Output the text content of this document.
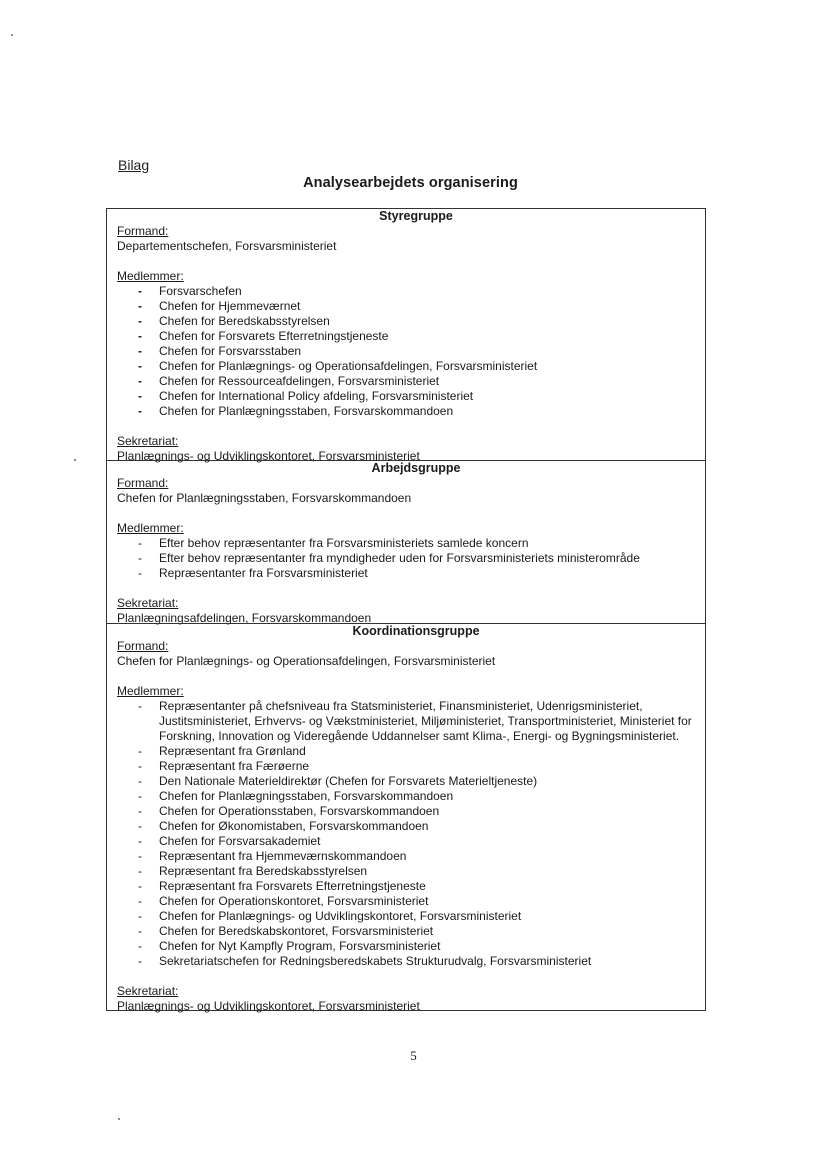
Bilag
Analysearbejdets organisering
Styregruppe
Formand:
Departementschefen, Forsvarsministeriet
Medlemmer:
- Forsvarschefen
- Chefen for Hjemmeværnet
- Chefen for Beredskabsstyrelsen
- Chefen for Forsvarets Efterretningstjeneste
- Chefen for Forsvarsstaben
- Chefen for Planlægnings- og Operationsafdelingen, Forsvarsministeriet
- Chefen for Ressourceafdelingen, Forsvarsministeriet
- Chefen for International Policy afdeling, Forsvarsministeriet
- Chefen for Planlægningsstaben, Forsvarskommandoen
Sekretariat:
Planlægnings- og Udviklingskontoret, Forsvarsministeriet
Arbejdsgruppe
Formand:
Chefen for Planlægningsstaben, Forsvarskommandoen
Medlemmer:
- Efter behov repræsentanter fra Forsvarsministeriets samlede koncern
- Efter behov repræsentanter fra myndigheder uden for Forsvarsministeriets ministerområde
- Repræsentanter fra Forsvarsministeriet
Sekretariat:
Planlægningsafdelingen, Forsvarskommandoen
Koordinationsgruppe
Formand:
Chefen for Planlægnings- og Operationsafdelingen, Forsvarsministeriet
Medlemmer:
- Repræsentanter på chefsniveau fra Statsministeriet, Finansministeriet, Udenrigsministeriet, Justitsministeriet, Erhvervs- og Vækstministeriet, Miljøministeriet, Transportministeriet, Ministeriet for Forskning, Innovation og Videregående Uddannelser samt Klima-, Energi- og Bygningsministeriet.
- Repræsentant fra Grønland
- Repræsentant fra Færøerne
- Den Nationale Materieldirektør (Chefen for Forsvarets Materieltjeneste)
- Chefen for Planlægningsstaben, Forsvarskommandoen
- Chefen for Operationsstaben, Forsvarskommandoen
- Chefen for Økonomistaben, Forsvarskommandoen
- Chefen for Forsvarsakademiet
- Repræsentant fra Hjemmeværnskommandoen
- Repræsentant fra Beredskabsstyrelsen
- Repræsentant fra Forsvarets Efterretningstjeneste
- Chefen for Operationskontoret, Forsvarsministeriet
- Chefen for Planlægnings- og Udviklingskontoret, Forsvarsministeriet
- Chefen for Beredskabskontoret, Forsvarsministeriet
- Chefen for Nyt Kampfly Program, Forsvarsministeriet
- Sekretariatschefen for Redningsberedskabets Strukturudvalg, Forsvarsministeriet
Sekretariat:
Planlægnings- og Udviklingskontoret, Forsvarsministeriet
5
